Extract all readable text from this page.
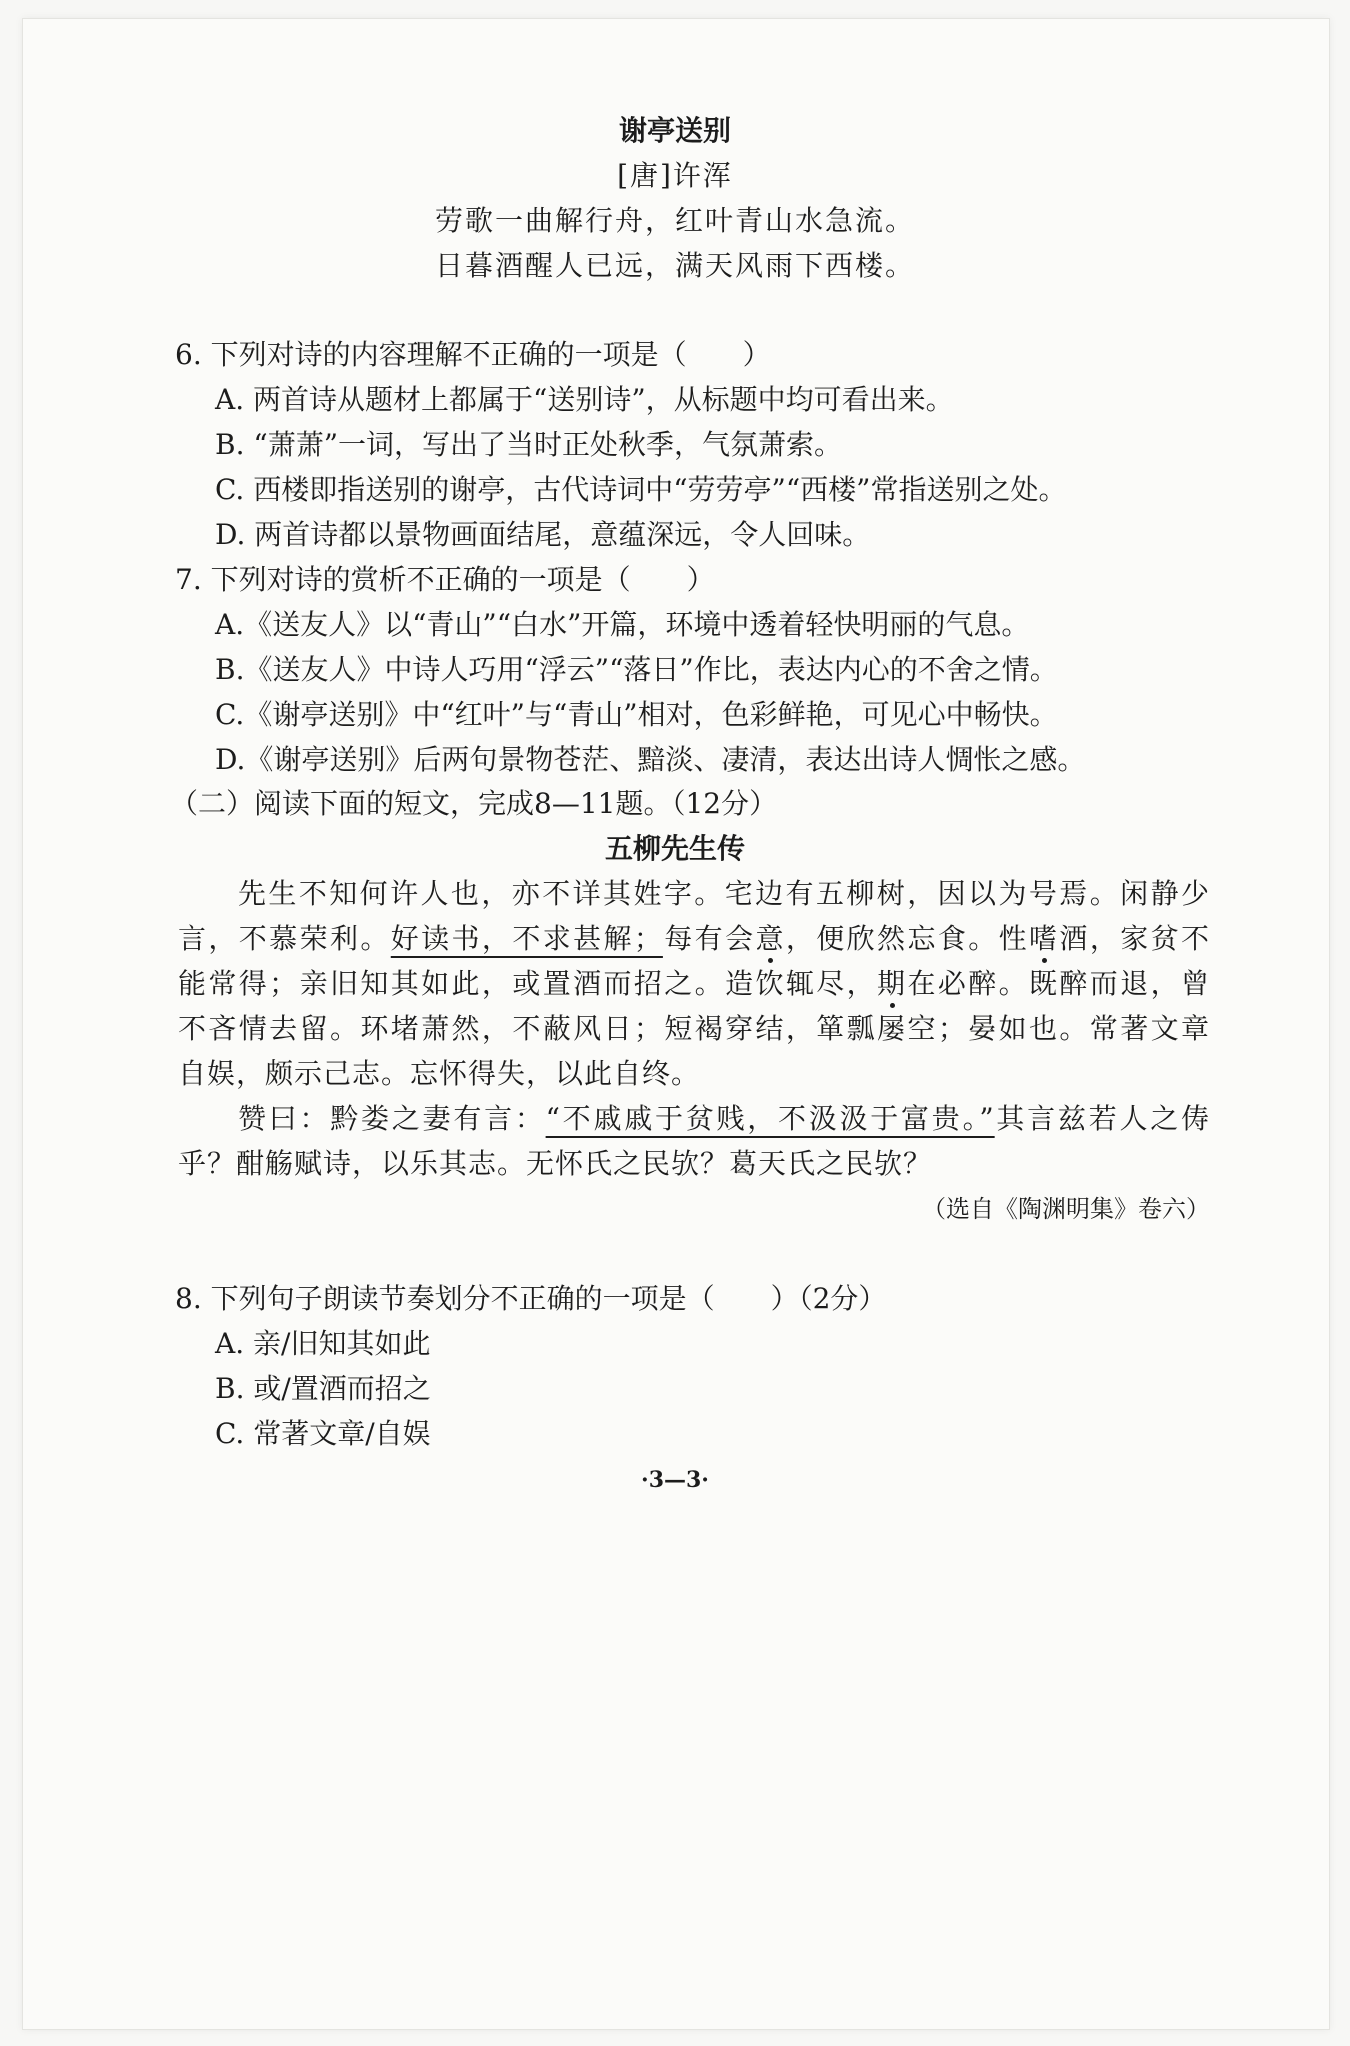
谢亭送别
[唐]许浑
劳歌一曲解行舟，红叶青山水急流。
日暮酒醒人已远，满天风雨下西楼。
6. 下列对诗的内容理解不正确的一项是（　　）
A. 两首诗从题材上都属于“送别诗”，从标题中均可看出来。
B. “萧萧”一词，写出了当时正处秋季，气氛萧索。
C. 西楼即指送别的谢亭，古代诗词中“劳劳亭”“西楼”常指送别之处。
D. 两首诗都以景物画面结尾，意蕴深远，令人回味。
7. 下列对诗的赏析不正确的一项是（　　）
A.《送友人》以“青山”“白水”开篇，环境中透着轻快明丽的气息。
B.《送友人》中诗人巧用“浮云”“落日”作比，表达内心的不舍之情。
C.《谢亭送别》中“红叶”与“青山”相对，色彩鲜艳，可见心中畅快。
D.《谢亭送别》后两句景物苍茫、黯淡、凄清，表达出诗人惆怅之感。
（二）阅读下面的短文，完成8—11题。（12分）
五柳先生传
先生不知何许人也，亦不详其姓字。宅边有五柳树，因以为号焉。闲静少
言，不慕荣利。好读书，不求甚解；每有会意，便欣然忘食。性嗜酒，家贫不
能常得；亲旧知其如此，或置酒而招之。造饮辄尽，期在必醉。既醉而退，曾
不吝情去留。环堵萧然，不蔽风日；短褐穿结，箪瓢屡空；晏如也。常著文章
自娱，颇示己志。忘怀得失，以此自终。
赞曰：黔娄之妻有言：“不戚戚于贫贱，不汲汲于富贵。”其言兹若人之俦
乎？酣觞赋诗，以乐其志。无怀氏之民欤？葛天氏之民欤？
（选自《陶渊明集》卷六）
8. 下列句子朗读节奏划分不正确的一项是（　　）（2分）
A. 亲/旧知其如此
B. 或/置酒而招之
C. 常著文章/自娱
·3—3·
